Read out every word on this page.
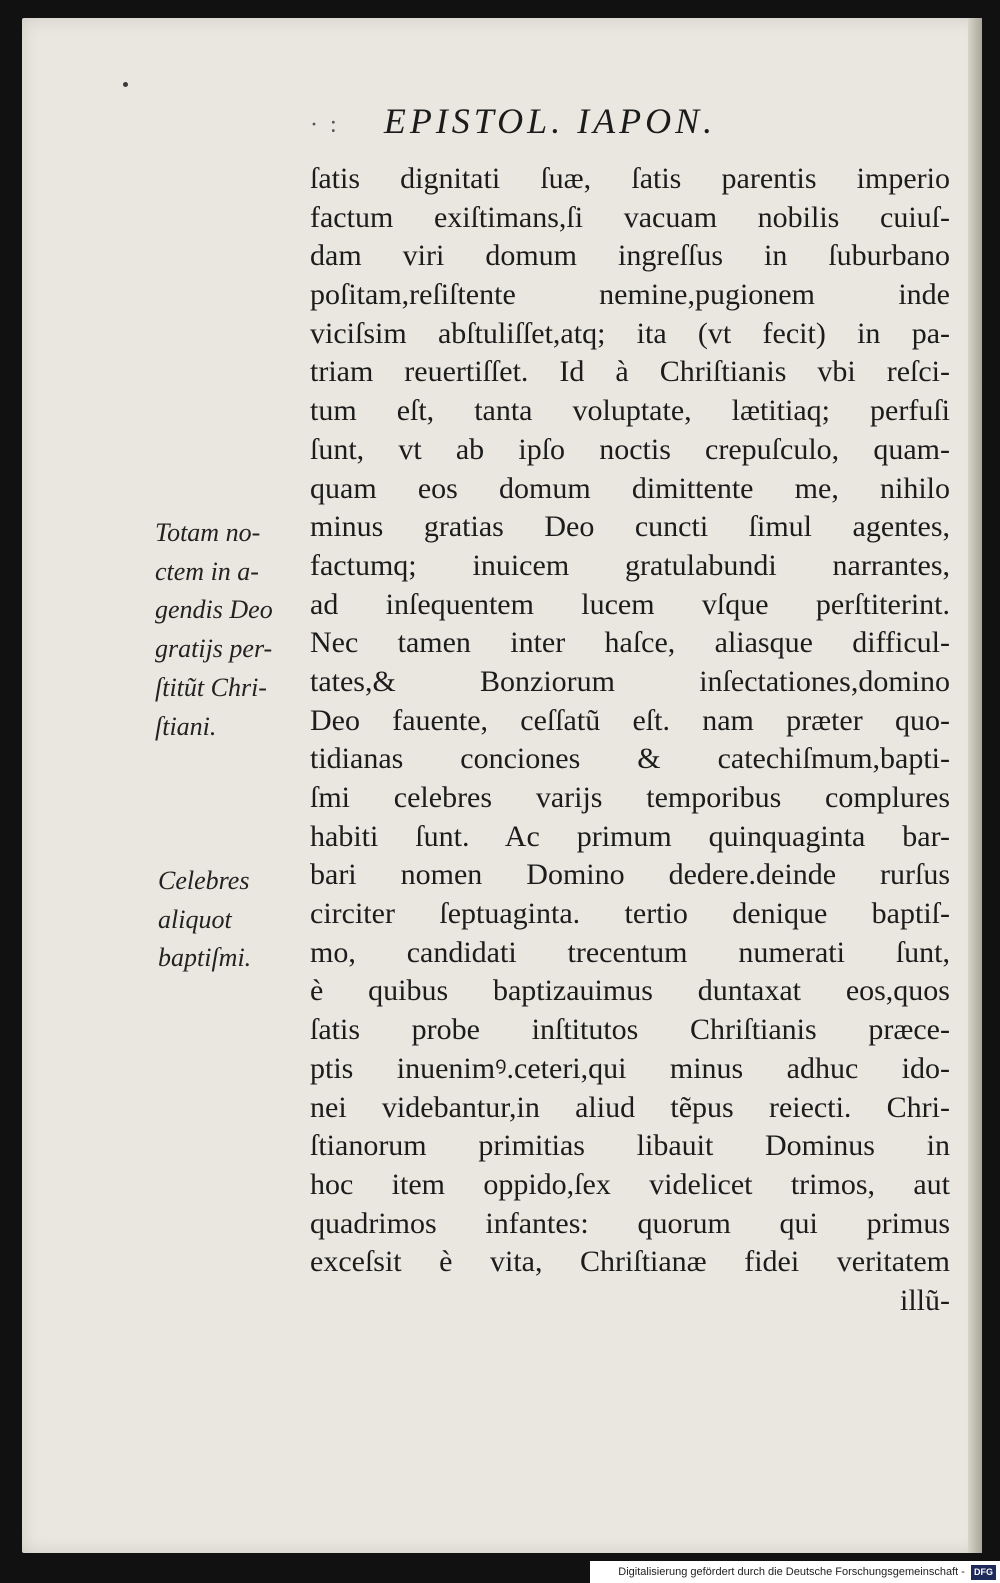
·  :	EPISTOL. IAPON.
ſatis dignitati ſuæ, ſatis parentis imperio
factum exiſtimans,ſi vacuam nobilis cuiuſ-
dam viri domum ingreſſus in ſuburbano
poſitam,reſiſtente nemine,pugionem inde
viciſsim abſtuliſſet,atq; ita (vt fecit) in pa-
triam reuertiſſet. Id à Chriſtianis vbi reſci-
tum eſt, tanta voluptate, lætitiaq; perfuſi
ſunt, vt ab ipſo noctis crepuſculo, quam-
quam eos domum dimittente me, nihilo
minus gratias Deo cuncti ſimul agentes,
factumq; inuicem gratulabundi narrantes,
ad inſequentem lucem vſque perſtiterint.
Nec tamen inter haſce, aliasque difficul-
tates,& Bonziorum inſectationes,domino
Deo fauente, ceſſatũ eſt. nam præter quo-
tidianas conciones & catechiſmum,bapti-
ſmi celebres varijs temporibus complures
habiti ſunt. Ac primum quinquaginta bar-
bari nomen Domino dedere.deinde rurſus
circiter ſeptuaginta. tertio denique baptiſ-
mo, candidati trecentum numerati ſunt,
è quibus baptizauimus duntaxat eos,quos
ſatis probe inſtitutos Chriſtianis præce-
ptis inuenimꝰ.ceteri,qui minus adhuc ido-
nei videbantur,in aliud tẽpus reiecti. Chri-
ſtianorum primitias libauit Dominus in
hoc item oppido,ſex videlicet trimos, aut
quadrimos infantes: quorum qui primus
exceſsit è vita, Chriſtianæ fidei veritatem
illũ-
Totam no-
ctem in a-
gendis Deo
gratijs per-
ſtitũt Chri-
ſtiani.
Celebres
aliquot
baptiſmi.
Digitalisierung gefördert durch die Deutsche Forschungsgemeinschaft - DFG
